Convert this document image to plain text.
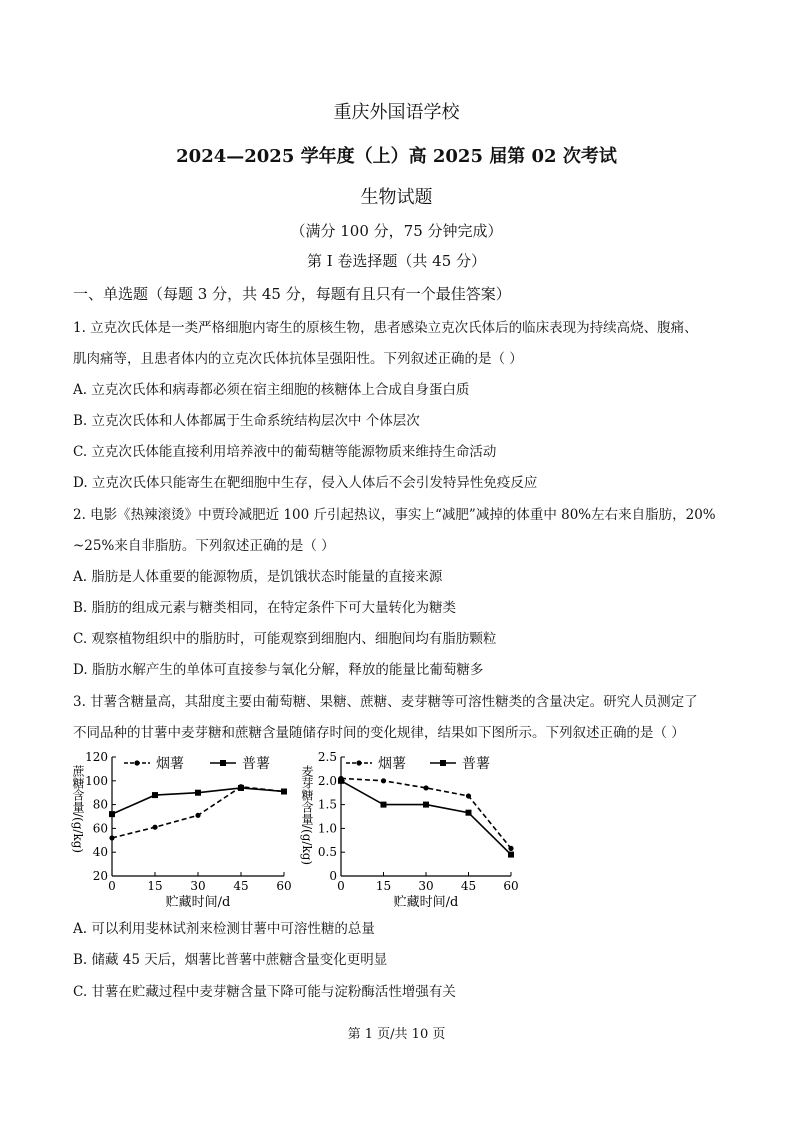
重庆外国语学校
2024—2025 学年度（上）高 2025 届第 02 次考试
生物试题
（满分 100 分，75 分钟完成）
第 I 卷选择题（共 45 分）
一、单选题（每题 3 分，共 45 分，每题有且只有一个最佳答案）
1. 立克次氏体是一类严格细胞内寄生的原核生物，患者感染立克次氏体后的临床表现为持续高烧、腹痛、
肌肉痛等，且患者体内的立克次氏体抗体呈强阳性。下列叙述正确的是（ ）
A. 立克次氏体和病毒都必须在宿主细胞的核糖体上合成自身蛋白质
B. 立克次氏体和人体都属于生命系统结构层次中 个体层次
C. 立克次氏体能直接利用培养液中的葡萄糖等能源物质来维持生命活动
D. 立克次氏体只能寄生在靶细胞中生存，侵入人体后不会引发特异性免疫反应
2. 电影《热辣滚烫》中贾玲减肥近 100 斤引起热议，事实上“减肥”减掉的体重中 80%左右来自脂肪，20%
~25%来自非脂肪。下列叙述正确的是（ ）
A. 脂肪是人体重要的能源物质，是饥饿状态时能量的直接来源
B. 脂肪的组成元素与糖类相同，在特定条件下可大量转化为糖类
C. 观察植物组织中的脂肪时，可能观察到细胞内、细胞间均有脂肪颗粒
D. 脂肪水解产生的单体可直接参与氧化分解，释放的能量比葡萄糖多
3. 甘薯含糖量高，其甜度主要由葡萄糖、果糖、蔗糖、麦芽糖等可溶性糖类的含量决定。研究人员测定了
不同品种的甘薯中麦芽糖和蔗糖含量随储存时间的变化规律，结果如下图所示。下列叙述正确的是（ ）
20
40
60
80
100
120
0	15 30 45 60
贮藏时间/d
蔗糖含量/(g/kg)
烟薯	普薯
0
0.5
1.0
1.5
2.0
2.5
0	15 30 45 60
贮藏时间/d
麦芽糖含量/(g/kg)
烟薯	普薯
A. 可以利用斐林试剂来检测甘薯中可溶性糖的总量
B. 储藏 45 天后，烟薯比普薯中蔗糖含量变化更明显
C. 甘薯在贮藏过程中麦芽糖含量下降可能与淀粉酶活性增强有关
第 1 页/共 10 页
